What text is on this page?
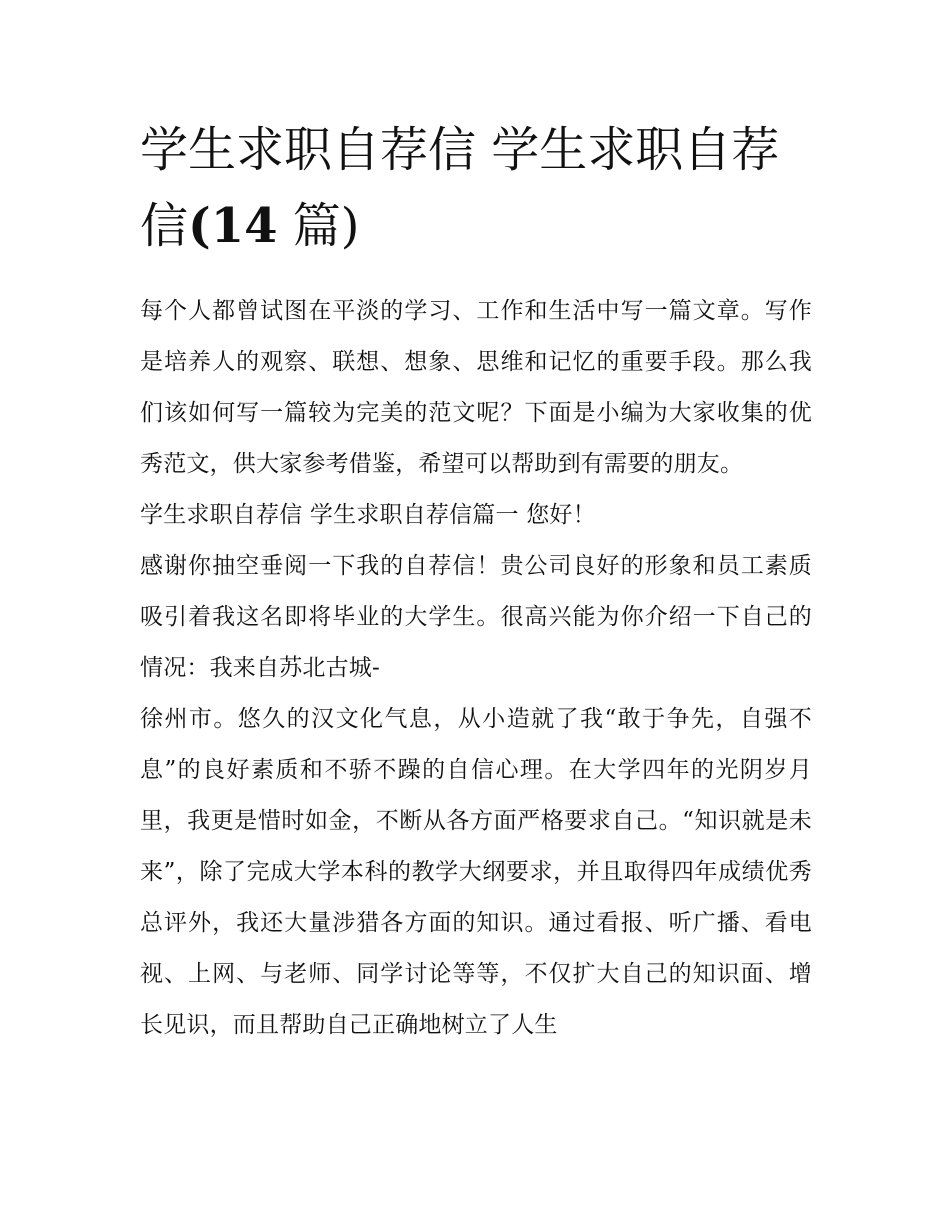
学生求职自荐信 学生求职自荐信(14 篇)

每个人都曾试图在平淡的学习、工作和生活中写一篇文章。写作是培养人的观察、联想、想象、思维和记忆的重要手段。那么我们该如何写一篇较为完美的范文呢？下面是小编为大家收集的优秀范文，供大家参考借鉴，希望可以帮助到有需要的朋友。

学生求职自荐信 学生求职自荐信篇一 您好！

感谢你抽空垂阅一下我的自荐信！贵公司良好的形象和员工素质吸引着我这名即将毕业的大学生。很高兴能为你介绍一下自己的情况：我来自苏北古城-

徐州市。悠久的汉文化气息，从小造就了我“敢于争先，自强不息”的良好素质和不骄不躁的自信心理。在大学四年的光阴岁月里，我更是惜时如金，不断从各方面严格要求自己。“知识就是未来”，除了完成大学本科的教学大纲要求，并且取得四年成绩优秀总评外，我还大量涉猎各方面的知识。通过看报、听广播、看电视、上网、与老师、同学讨论等等，不仅扩大自己的知识面、增长见识，而且帮助自己正确地树立了人生
